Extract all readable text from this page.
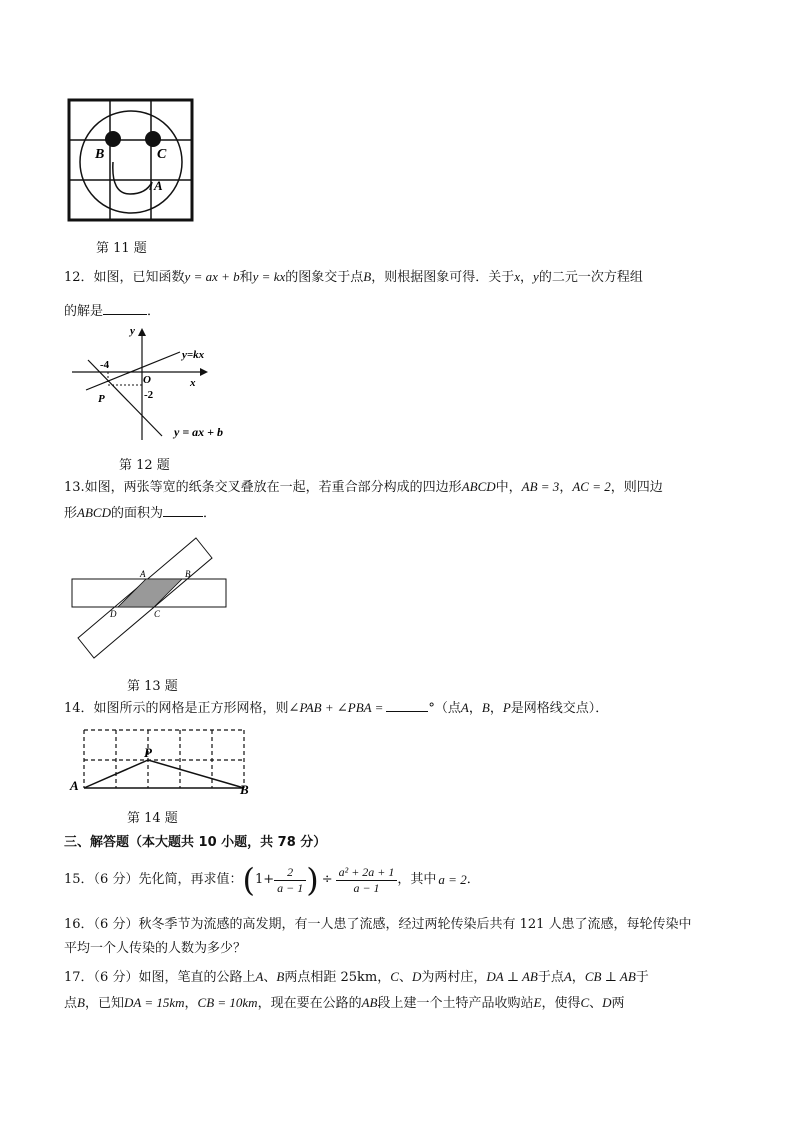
B	C
A
第 11 题
12．如图，已知函数y = ax + b和y = kx的图象交于点B，则根据图象可得．关于x，y的二元一次方程组
的解是	．
y
x
O
-4
-2
P
y=kx
y = ax + b
第 12 题
13.如图，两张等宽的纸条交叉叠放在一起，若重合部分构成的四边形ABCD中，AB = 3，AC = 2，则四边
形ABCD的面积为	．
A	B
C
D
第 13 题
14．如图所示的网格是正方形网格，则∠PAB + ∠PBA =	°（点A，B，P是网格线交点）．
A
P
B
第 14 题
三、解答题（本大题共 10 小题，共 78 分）
15．（6 分）先化简，再求值： ( $1+ \frac{2}{a - 1}$ ) ÷ $\frac{\text{a² + 2a + 1}}{a - 1}$ ，其中 a = 2 ．
16．（6 分）秋冬季节为流感的高发期，有一人患了流感，经过两轮传染后共有 121 人患了流感，每轮传染中
平均一个人传染的人数为多少？
17．（6 分）如图，笔直的公路上A、B两点相距 25km，C、D为两村庄，DA ⊥ AB于点A，CB ⊥ AB于
点B，已知DA = 15km，CB = 10km，现在要在公路的AB段上建一个土特产品收购站E，使得C、D两
